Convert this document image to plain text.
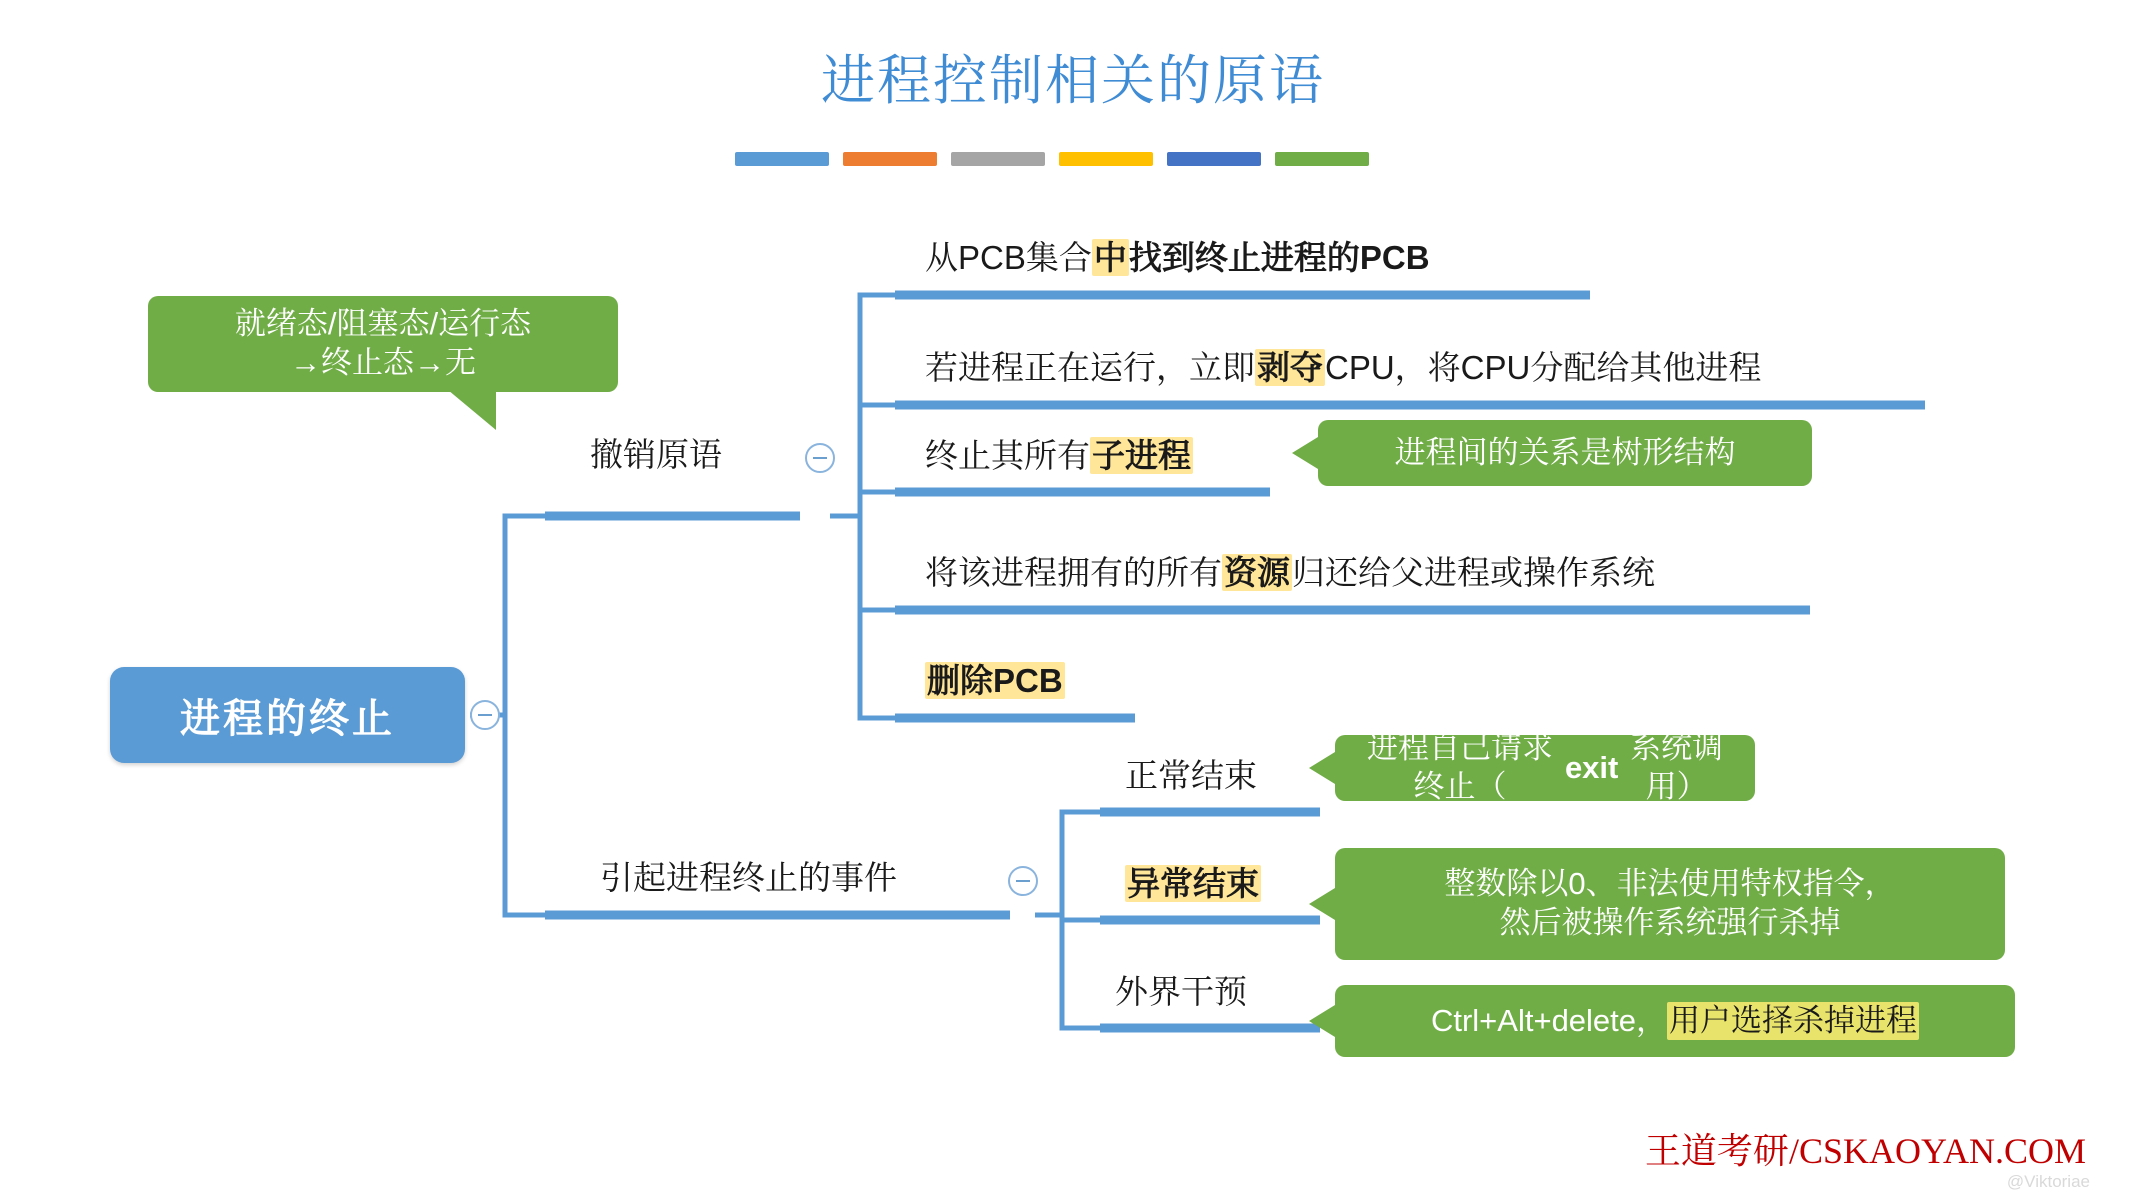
进程控制相关的原语
进程的终止
撤销原语
从PCB集合中找到终止进程的PCB
若进程正在运行，立即剥夺CPU，将CPU分配给其他进程
终止其所有子进程
将该进程拥有的所有资源归还给父进程或操作系统
删除PCB
引起进程终止的事件
正常结束
异常结束
外界干预
就绪态/阻塞态/运行态
→终止态→无
进程间的关系是树形结构
进程自己请求终止（
exit
系统调用）
整数除以0、非法使用特权指令，
然后被操作系统强行杀掉
Ctrl+Alt+delete， 用户选择杀掉进程
王道考研/CSKAOYAN.COM
@Viktoriae
